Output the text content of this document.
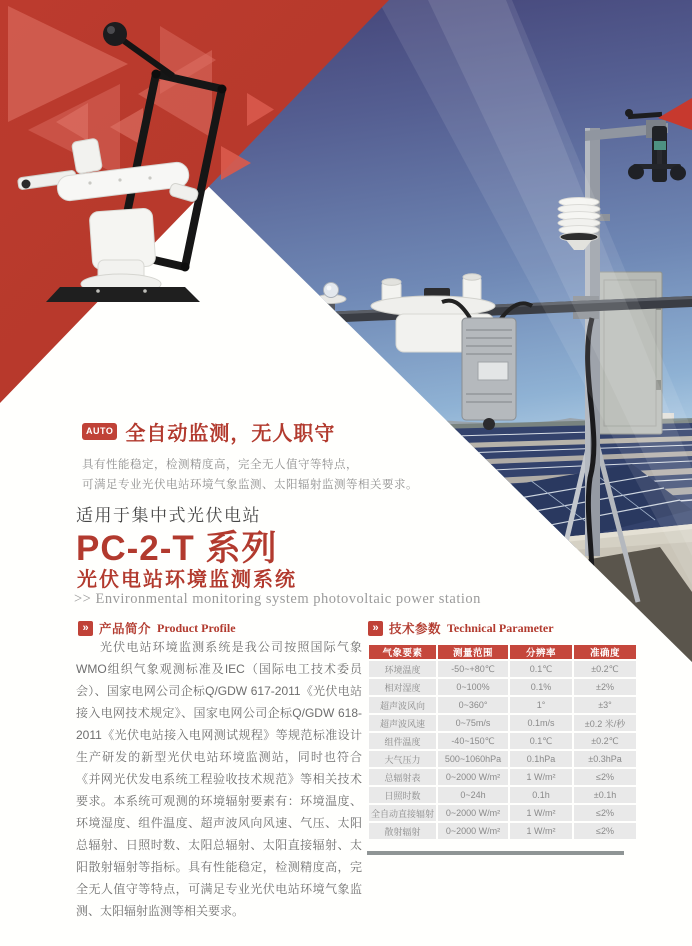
AUTO 全自动监测，无人职守
具有性能稳定，检测精度高，完全无人值守等特点，
可满足专业光伏电站环境气象监测、太阳辐射监测等相关要求。
适用于集中式光伏电站
PC-2-T 系列
光伏电站环境监测系统
>> Environmental monitoring system photovoltaic power station
» 产品简介 Product Profile

光伏电站环境监测系统是我公司按照国际气象WMO组织气象观测标准及IEC（国际电工技术委员会）、国家电网公司企标Q/GDW 617-2011《光伏电站接入电网技术规定》、国家电网公司企标Q/GDW 618-2011《光伏电站接入电网测试规程》等规范标准设计生产研发的新型光伏电站环境监测站，同时也符合《并网光伏发电系统工程验收技术规范》等相关技术要求。本系统可观测的环境辐射要素有：环境温度、环境湿度、组件温度、超声波风向风速、气压、太阳总辐射、日照时数、太阳总辐射、太阳直接辐射、太阳散射辐射等指标。具有性能稳定，检测精度高，完全无人值守等特点，可满足专业光伏电站环境气象监测、太阳辐射监测等相关要求。

» 技术参数 Technical Parameter
气象要素	测量范围	分辨率	准确度
环境温度	-50~+80℃	0.1℃	±0.2℃
相对湿度	0~100%	0.1%	±2%
超声波风向	0~360°	1°	±3°
超声波风速	0~75m/s	0.1m/s	±0.2 米/秒
组件温度	-40~150℃	0.1℃	±0.2℃
大气压力	500~1060hPa	0.1hPa	±0.3hPa
总辐射表	0~2000 W/m²	1 W/m²	≤2%
日照时数	0~24h	0.1h	±0.1h
全自动直接辐射	0~2000 W/m²	1 W/m²	≤2%
散射辐射	0~2000 W/m²	1 W/m²	≤2%
